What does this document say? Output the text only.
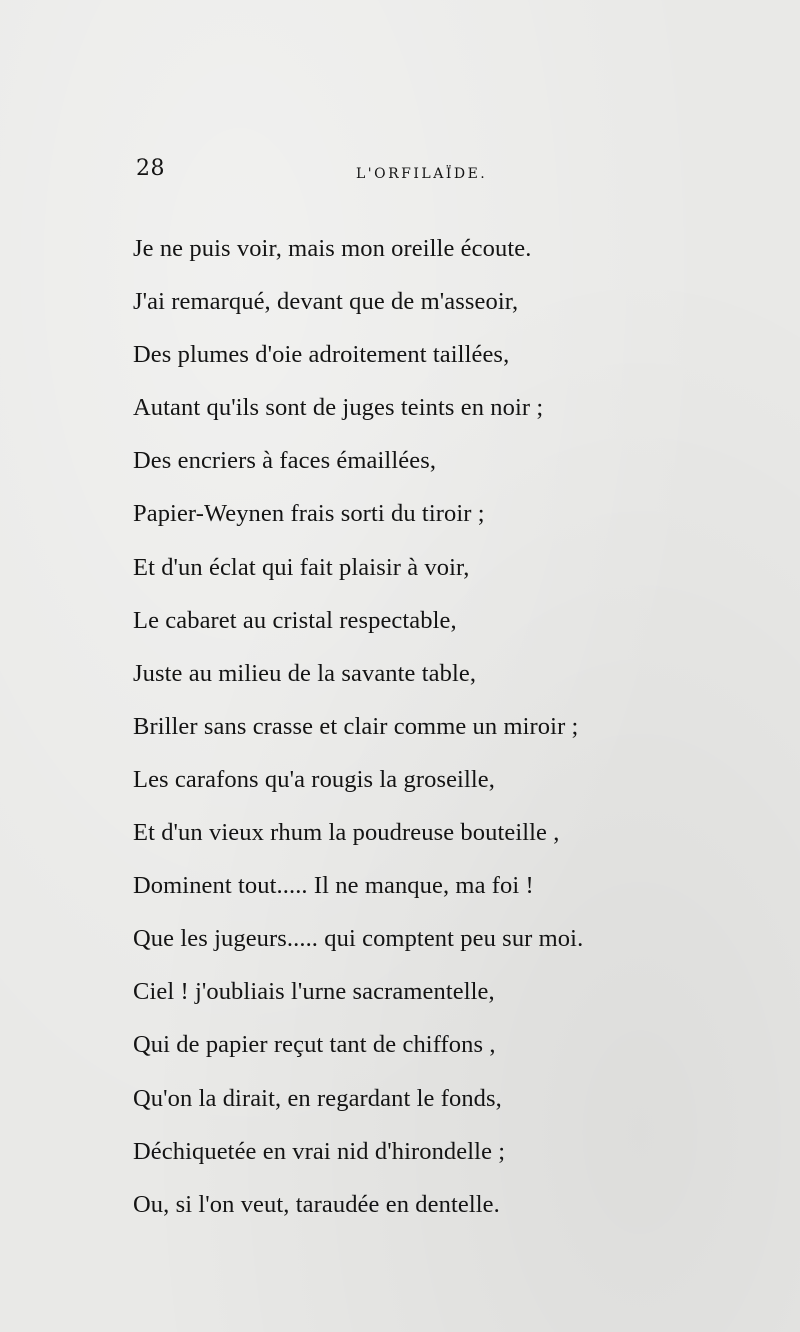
28	L'ORFILAÏDE.
Je ne puis voir, mais mon oreille écoute.
J'ai remarqué, devant que de m'asseoir,
Des plumes d'oie adroitement taillées,
Autant qu'ils sont de juges teints en noir ;
Des encriers à faces émaillées,
Papier-Weynen frais sorti du tiroir ;
Et d'un éclat qui fait plaisir à voir,
Le cabaret au cristal respectable,
Juste au milieu de la savante table,
Briller sans crasse et clair comme un miroir ;
Les carafons qu'a rougis la groseille,
Et d'un vieux rhum la poudreuse bouteille ,
Dominent tout..... Il ne manque, ma foi !
Que les jugeurs..... qui comptent peu sur moi.
Ciel ! j'oubliais l'urne sacramentelle,
Qui de papier reçut tant de chiffons ,
Qu'on la dirait, en regardant le fonds,
Déchiquetée en vrai nid d'hirondelle ;
Ou, si l'on veut, taraudée en dentelle.
